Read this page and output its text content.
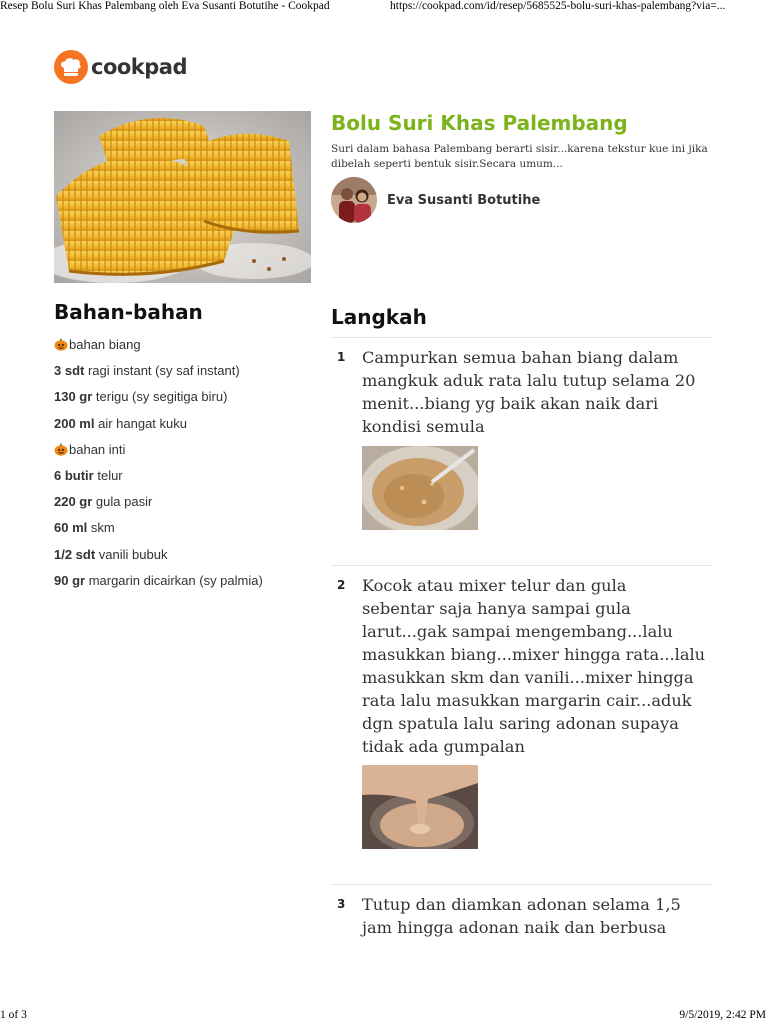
Resep Bolu Suri Khas Palembang oleh Eva Susanti Botutihe - Cookpad	https://cookpad.com/id/resep/5685525-bolu-suri-khas-palembang?via=...
cookpad
Bolu Suri Khas Palembang
Suri dalam bahasa Palembang berarti sisir...karena tekstur kue ini jika
dibelah seperti bentuk sisir.Secara umum...
Eva Susanti Botutihe
Bahan-bahan
bahan biang
3 sdt ragi instant (sy saf instant)
130 gr terigu (sy segitiga biru)
200 ml air hangat kuku
bahan inti
6 butir telur
220 gr gula pasir
60 ml skm
1/2 sdt vanili bubuk
90 gr margarin dicairkan (sy palmia)
Langkah
1 Campurkan semua bahan biang dalam
mangkuk aduk rata lalu tutup selama 20
menit...biang yg baik akan naik dari
kondisi semula
2 Kocok atau mixer telur dan gula
sebentar saja hanya sampai gula
larut...gak sampai mengembang...lalu
masukkan biang...mixer hingga rata...lalu
masukkan skm dan vanili...mixer hingga
rata lalu masukkan margarin cair...aduk
dgn spatula lalu saring adonan supaya
tidak ada gumpalan
3 Tutup dan diamkan adonan selama 1,5
jam hingga adonan naik dan berbusa
1 of 3	9/5/2019, 2:42 PM
